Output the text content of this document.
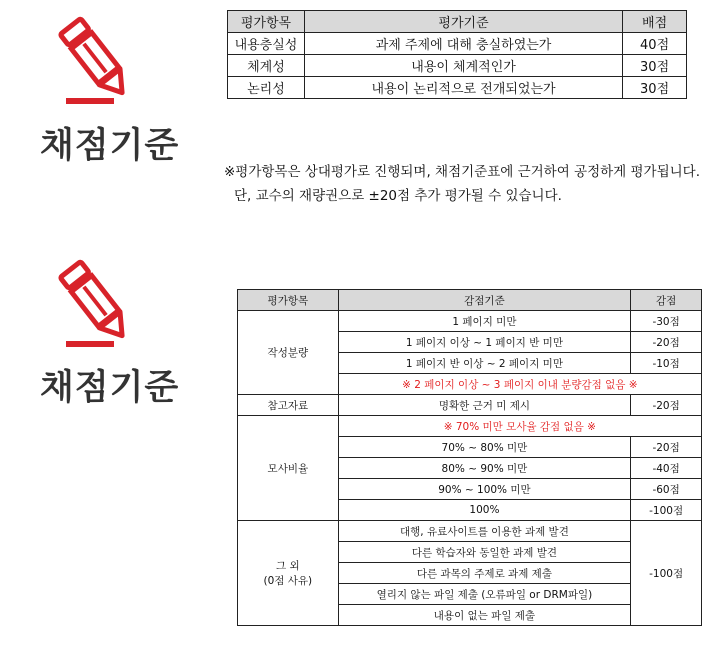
채점기준
평가항목	평가기준	배점
내용충실성	과제 주제에 대해 충실하였는가	40점
체계성	내용이 체계적인가	30점
논리성	내용이 논리적으로 전개되었는가	30점
※평가항목은 상대평가로 진행되며, 채점기준표에 근거하여 공정하게 평가됩니다.
단, 교수의 재량권으로 ±20점 추가 평가될 수 있습니다.
채점기준
평가항목	감점기준	감점
작성분량	1 페이지 미만	-30점
	1 페이지 이상 ~ 1 페이지 반 미만	-20점
	1 페이지 반 이상 ~ 2 페이지 미만	-10점
	※ 2 페이지 이상 ~ 3 페이지 이내 분량감점 없음 ※	
참고자료	명확한 근거 미 제시	-20점
모사비율	※ 70% 미만 모사율 감점 없음 ※	
	70% ~ 80% 미만	-20점
	80% ~ 90% 미만	-40점
	90% ~ 100% 미만	-60점
	100%	-100점

그 외
(0점 사유)	대행, 유료사이트를 이용한 과제 발견	-100점
	다른 학습자와 동일한 과제 발견	
	다른 과목의 주제로 과제 제출	
	열리지 않는 파일 제출 (오류파일 or DRM파일)	
	내용이 없는 파일 제출	
